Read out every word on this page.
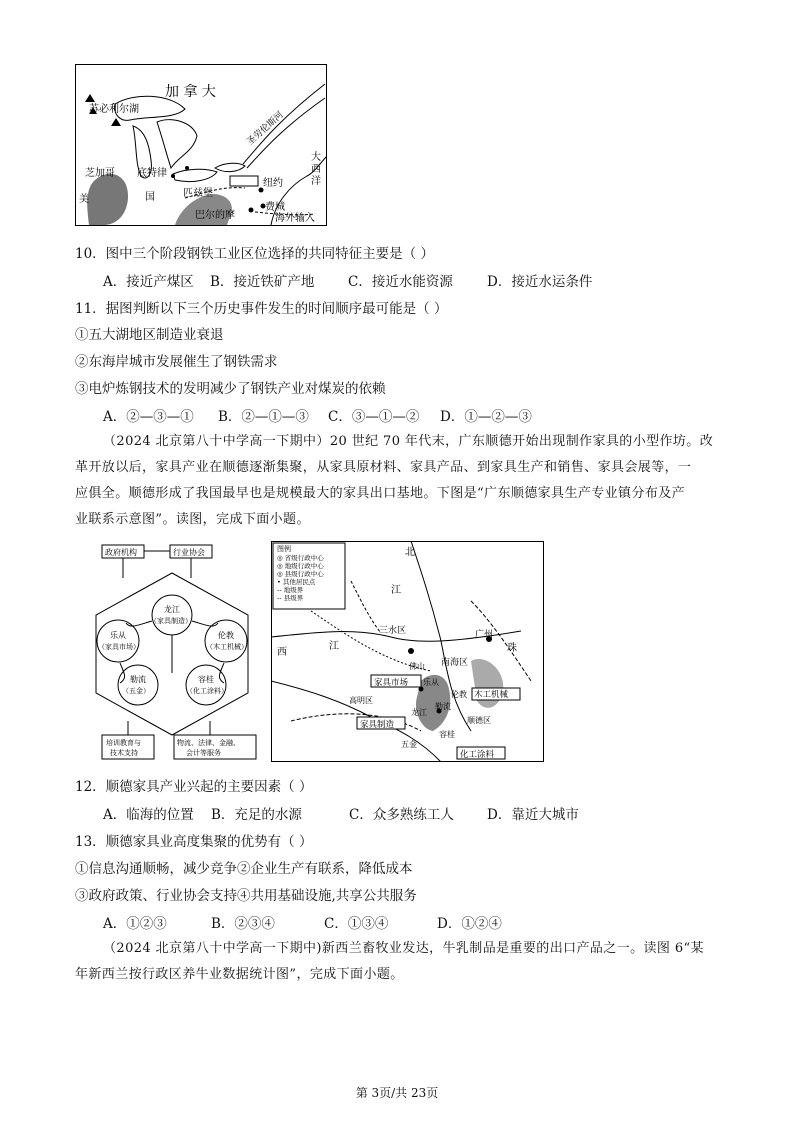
加 拿 大
苏必利尔湖
圣劳伦斯河
芝加哥 底特律
美	国	匹兹堡
巴尔的摩
纽约
费城
大
西
洋
海外输入
10．图中三个阶段钢铁工业区位选择的共同特征主要是（ ）
A．接近产煤区 B．接近铁矿产地 C．接近水能资源	D．接近水运条件
11．据图判断以下三个历史事件发生的时间顺序最可能是（ ）
①五大湖地区制造业衰退
②东海岸城市发展催生了钢铁需求
③电炉炼钢技术的发明减少了钢铁产业对煤炭的依赖
A．②—③—① B．②—①—③ C．③—①—② D．①—②—③
（2024 北京第八十中学高一下期中）20 世纪 70 年代末，广东顺德开始出现制作家具的小型作坊。改
革开放以后，家具产业在顺德逐渐集聚，从家具原材料、家具产品、到家具生产和销售、家具会展等，一
应俱全。顺德形成了我国最早也是规模最大的家具出口基地。下图是“广东顺德家具生产专业镇分布及产
业联系示意图”。读图，完成下面小题。
政府机构	行业协会
龙江
（家具制造）
乐从
（家具市场）
伦教
（木工机械）
勒流
（五金）
容桂
（化工涂料）
培训教育与
技术支持
物流、法律、金融、
会计等服务
图例
◎ 省级行政中心
◎ 地级行政中心
◎ 县级行政中心
• 其他居民点
-- 地级界
-- 县级界
北
江
三水区
西
江
广州
珠
南海区
佛山
家具市场 乐从
伦教 木工机械
高明区
家具制造
龙江
勒流
顺德区
容桂
五金
化工涂料
12．顺德家具产业兴起的主要因素（ ）
A．临海的位置 B．充足的水源	C．众多熟练工人 D．靠近大城市
13．顺德家具业高度集聚的优势有（ ）
①信息沟通顺畅，减少竞争②企业生产有联系，降低成本
③政府政策、行业协会支持④共用基础设施,共享公共服务
A．①②③	B．②③④	C．①③④	D．①②④
（2024 北京第八十中学高一下期中)新西兰畜牧业发达，牛乳制品是重要的出口产品之一。读图 6“某
年新西兰按行政区养牛业数据统计图”，完成下面小题。
第 3页/共 23页
